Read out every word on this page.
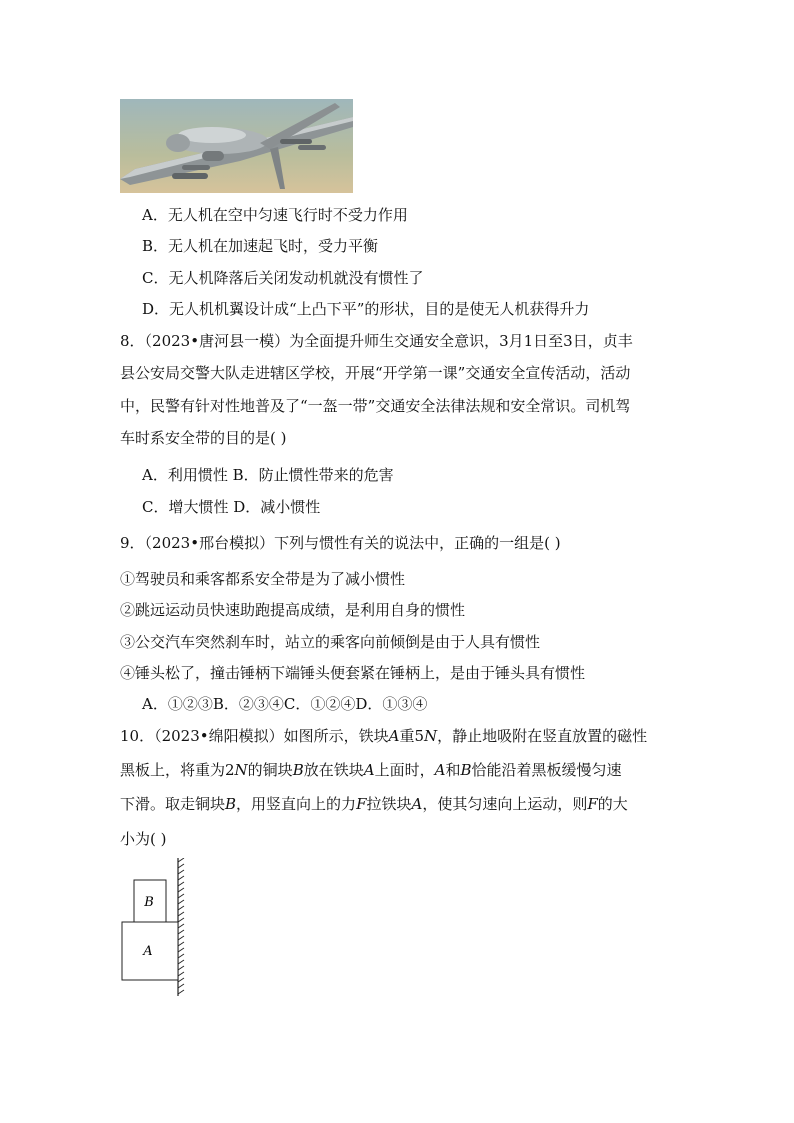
A．无人机在空中匀速飞行时不受力作用
B．无人机在加速起飞时，受力平衡
C．无人机降落后关闭发动机就没有惯性了
D．无人机机翼设计成“上凸下平”的形状，目的是使无人机获得升力
8．（2023•唐河县一模）为全面提升师生交通安全意识，3月1日至3日，贞丰
县公安局交警大队走进辖区学校，开展“开学第一课”交通安全宣传活动，活动
中，民警有针对性地普及了“一盔一带”交通安全法律法规和安全常识。司机驾
车时系安全带的目的是( )
A．利用惯性 B．防止惯性带来的危害
C．增大惯性 D．减小惯性
9．（2023•邢台模拟）下列与惯性有关的说法中，正确的一组是( )
①驾驶员和乘客都系安全带是为了减小惯性
②跳远运动员快速助跑提高成绩，是利用自身的惯性
③公交汽车突然刹车时，站立的乘客向前倾倒是由于人具有惯性
④锤头松了，撞击锤柄下端锤头便套紧在锤柄上，是由于锤头具有惯性
A．①②③B．②③④C．①②④D．①③④
10．（2023•绵阳模拟）如图所示，铁块A重5N，静止地吸附在竖直放置的磁性
黑板上，将重为2N的铜块B放在铁块A上面时，A和B恰能沿着黑板缓慢匀速
下滑。取走铜块B，用竖直向上的力F拉铁块A，使其匀速向上运动，则F的大
小为( )
B
A
